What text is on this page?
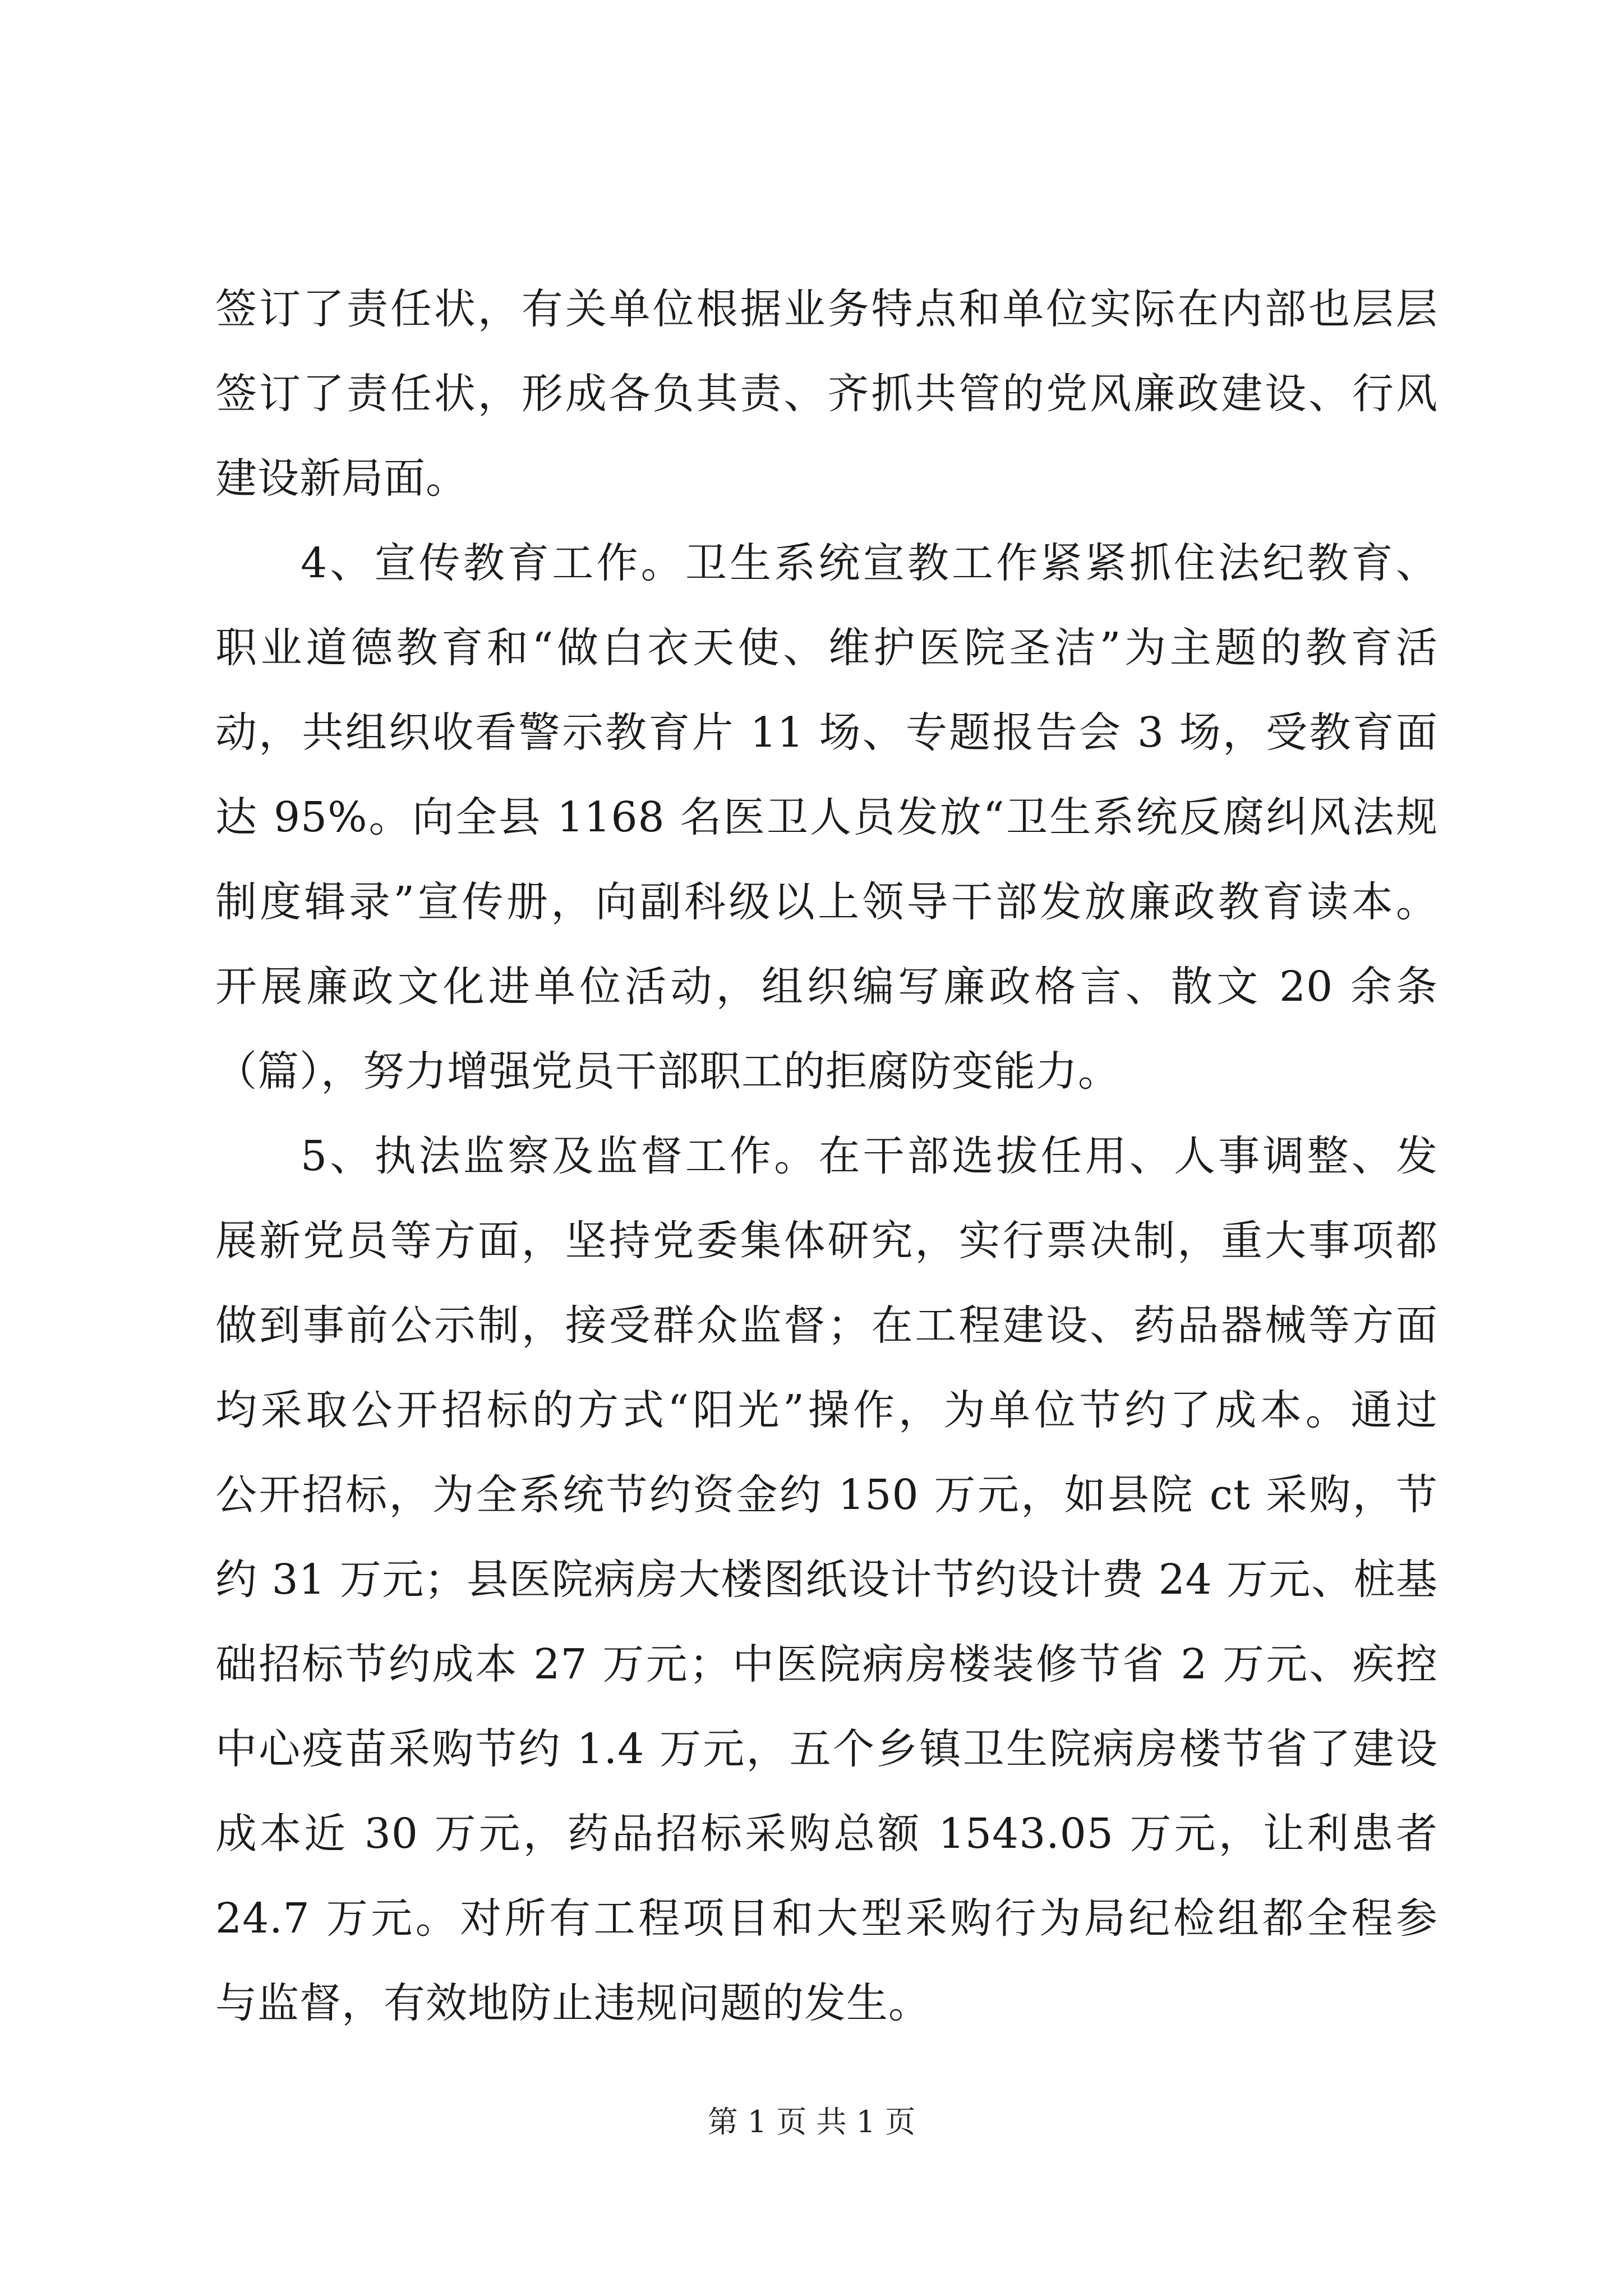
签订了责任状，有关单位根据业务特点和单位实际在内部也层层
签订了责任状，形成各负其责、齐抓共管的党风廉政建设、行风
建设新局面。
4、宣传教育工作。卫生系统宣教工作紧紧抓住法纪教育、
职业道德教育和“做白衣天使、维护医院圣洁”为主题的教育活
动，共组织收看警示教育片 11 场、专题报告会 3 场，受教育面
达 95%。向全县 1168 名医卫人员发放“卫生系统反腐纠风法规
制度辑录”宣传册，向副科级以上领导干部发放廉政教育读本。
开展廉政文化进单位活动，组织编写廉政格言、散文 20 余条
（篇），努力增强党员干部职工的拒腐防变能力。
5、执法监察及监督工作。在干部选拔任用、人事调整、发
展新党员等方面，坚持党委集体研究，实行票决制，重大事项都
做到事前公示制，接受群众监督；在工程建设、药品器械等方面
均采取公开招标的方式“阳光”操作，为单位节约了成本。通过
公开招标，为全系统节约资金约 150 万元，如县院 ct 采购，节
约 31 万元；县医院病房大楼图纸设计节约设计费 24 万元、桩基
础招标节约成本 27 万元；中医院病房楼装修节省 2 万元、疾控
中心疫苗采购节约 1.4 万元，五个乡镇卫生院病房楼节省了建设
成本近 30 万元，药品招标采购总额 1543.05 万元，让利患者
24.7 万元。对所有工程项目和大型采购行为局纪检组都全程参
与监督，有效地防止违规问题的发生。
第 1 页 共 1 页
